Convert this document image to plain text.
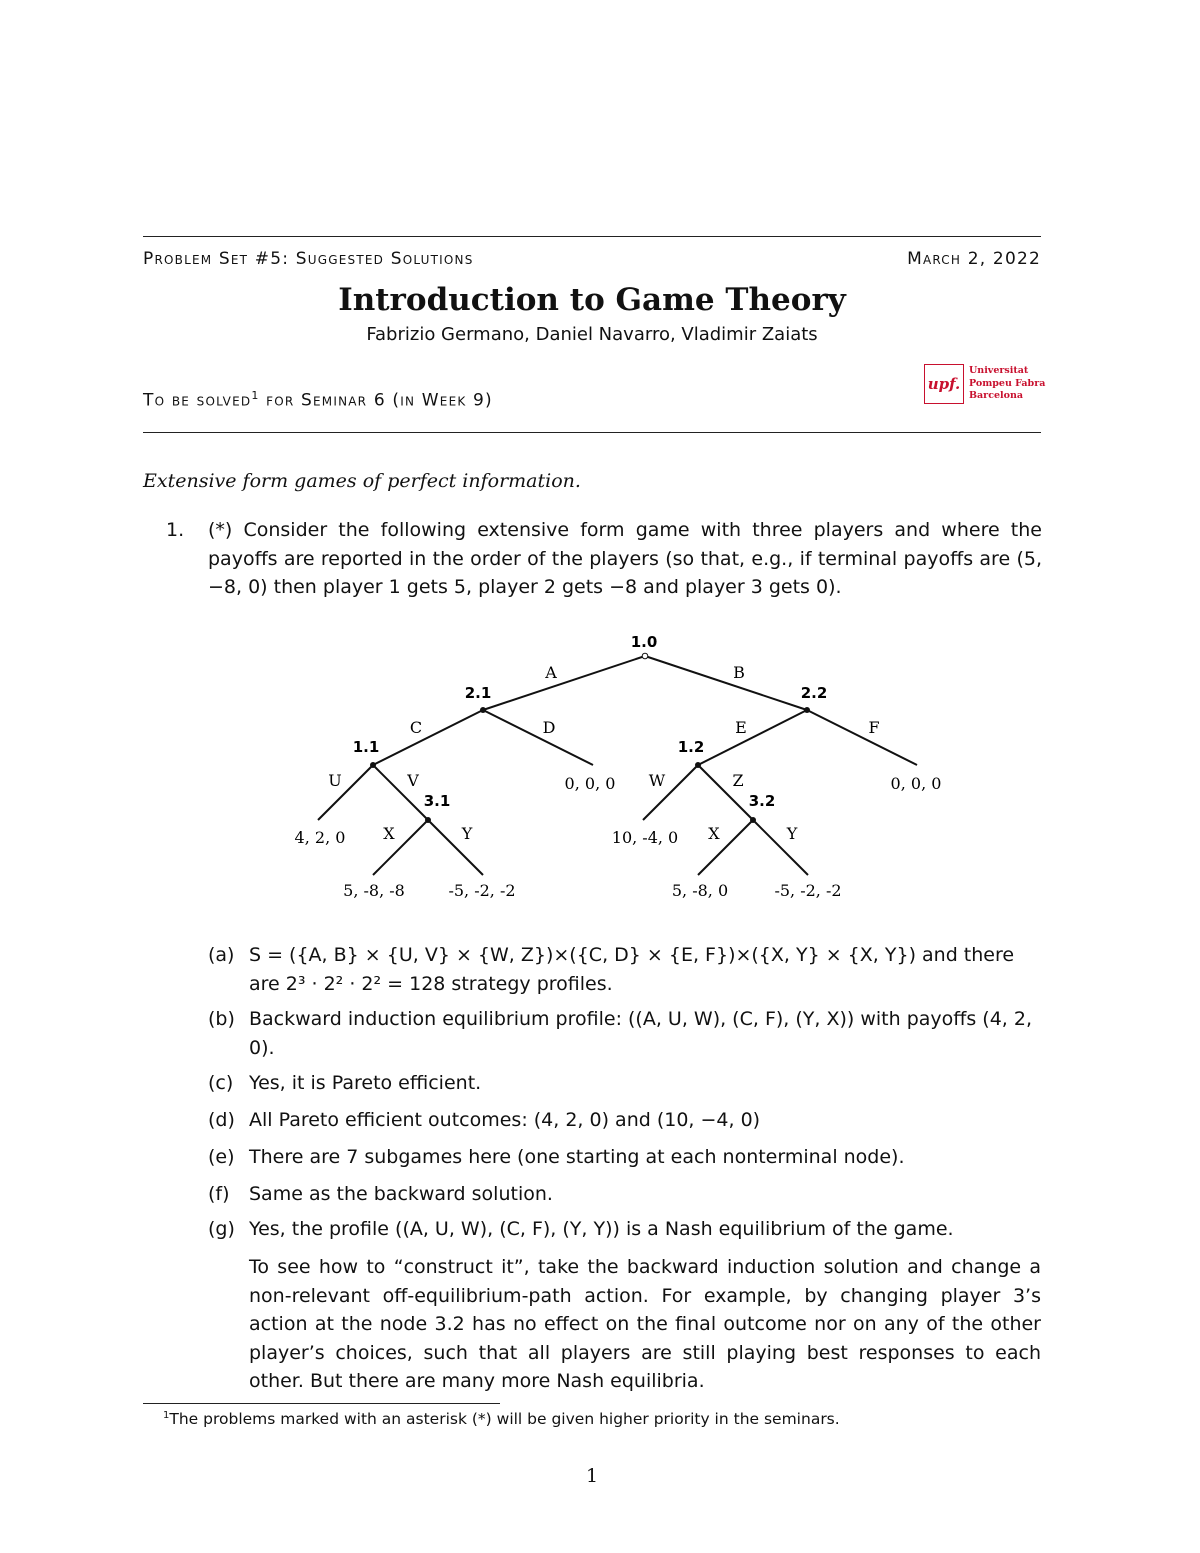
Problem Set #5: Suggested Solutions	March 2, 2022
Introduction to Game Theory
Fabrizio Germano, Daniel Navarro, Vladimir Zaiats
To be solved$^1$ for Seminar 6 (in Week 9)
upf.
Universitat
Pompeu Fabra
Barcelona
Extensive form games of perfect information.
1. (*) Consider the following extensive form game with three players and where the payoffs are reported in the order of the players (so that, e.g., if terminal payoffs are (5, −8, 0) then player 1 gets 5, player 2 gets −8 and player 3 gets 0).
1.0
2.1	2.2
1.1	1.2
3.1	3.2
A	B
C	D	E	F
U	V	W	Z
X	Y	X	Y
4, 2, 0
0, 0, 0
5, -8, -8	-5, -2, -2
10, -4, 0
0, 0, 0
5, -8, 0	-5, -2, -2
(a) S = ({A, B} × {U, V} × {W, Z})×({C, D} × {E, F})×({X, Y} × {X, Y}) and there are 2³ · 2² · 2² = 128 strategy profiles.
(b) Backward induction equilibrium profile: ((A, U, W), (C, F), (Y, X)) with payoffs (4, 2, 0).
(c) Yes, it is Pareto efficient.
(d) All Pareto efficient outcomes: (4, 2, 0) and (10, −4, 0)
(e) There are 7 subgames here (one starting at each nonterminal node).
(f) Same as the backward solution.
(g) Yes, the profile ((A, U, W), (C, F), (Y, Y)) is a Nash equilibrium of the game.
To see how to “construct it”, take the backward induction solution and change a non-relevant off-equilibrium-path action. For example, by changing player 3’s action at the node 3.2 has no effect on the final outcome nor on any of the other player’s choices, such that all players are still playing best responses to each other. But there are many more Nash equilibria.
$^1$The problems marked with an asterisk (*) will be given higher priority in the seminars.
1
